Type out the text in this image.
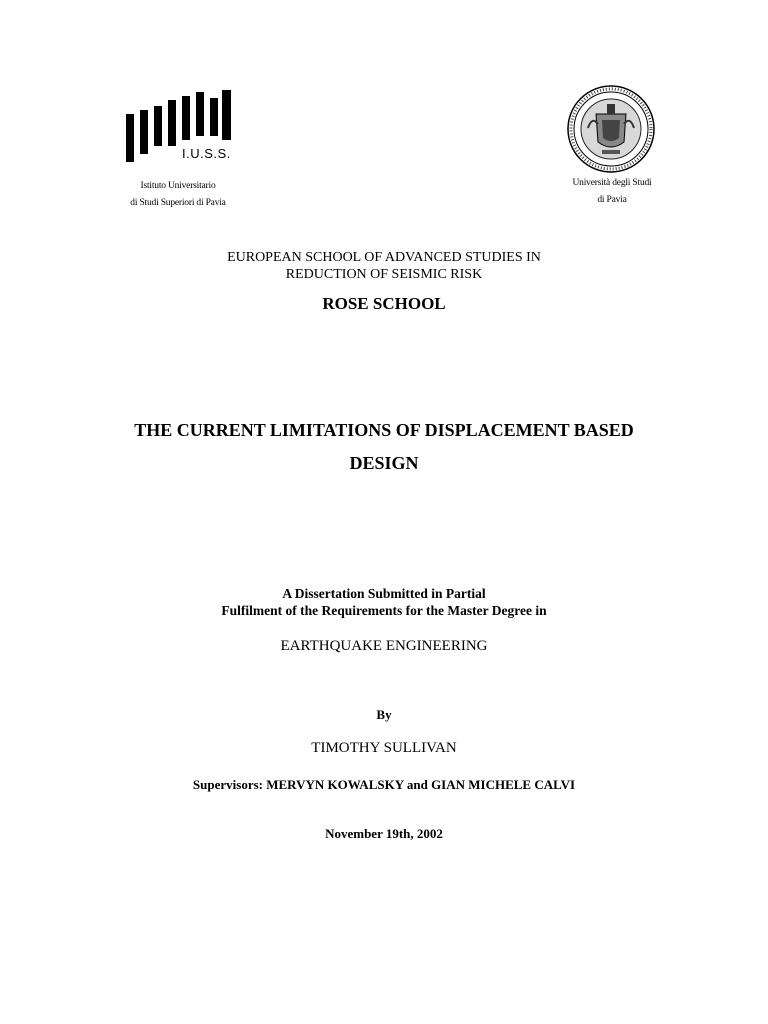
I.U.S.S.
Istituto Universitario
di Studi Superiori di Pavia
Università degli Studi
di Pavia
EUROPEAN SCHOOL OF ADVANCED STUDIES IN
REDUCTION OF SEISMIC RISK
ROSE SCHOOL
THE CURRENT LIMITATIONS OF DISPLACEMENT BASED
DESIGN
A Dissertation Submitted in Partial
Fulfilment of the Requirements for the Master Degree in
EARTHQUAKE ENGINEERING
By
TIMOTHY SULLIVAN
Supervisors: MERVYN KOWALSKY and GIAN MICHELE CALVI
November 19th, 2002
